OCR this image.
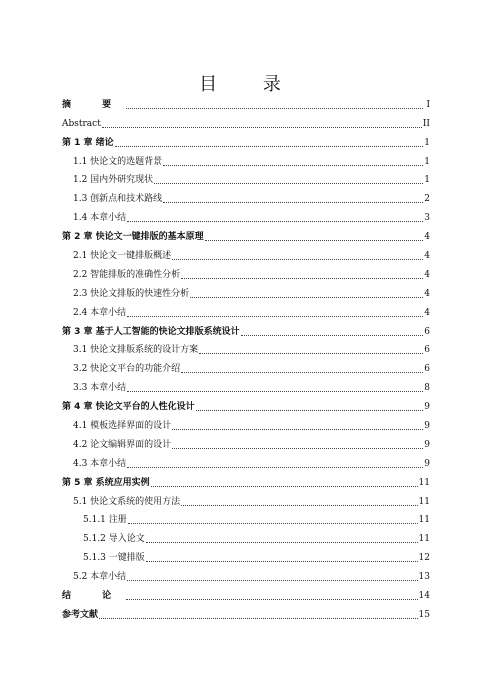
目 录
摘 要	I
Abstract	II
第 1 章 绪论	1
1.1 快论文的选题背景	1
1.2 国内外研究现状	1
1.3 创新点和技术路线	2
1.4 本章小结	3
第 2 章 快论文一键排版的基本原理	4
2.1 快论文一键排版概述	4
2.2 智能排版的准确性分析	4
2.3 快论文排版的快速性分析	4
2.4 本章小结	4
第 3 章 基于人工智能的快论文排版系统设计	6
3.1 快论文排版系统的设计方案	6
3.2 快论文平台的功能介绍	6
3.3 本章小结	8
第 4 章 快论文平台的人性化设计	9
4.1 模板选择界面的设计	9
4.2 论文编辑界面的设计	9
4.3 本章小结	9
第 5 章 系统应用实例	11
5.1 快论文系统的使用方法	11
5.1.1 注册	11
5.1.2 导入论文	11
5.1.3 一键排版	12
5.2 本章小结	13
结 论	14
参考文献	15
